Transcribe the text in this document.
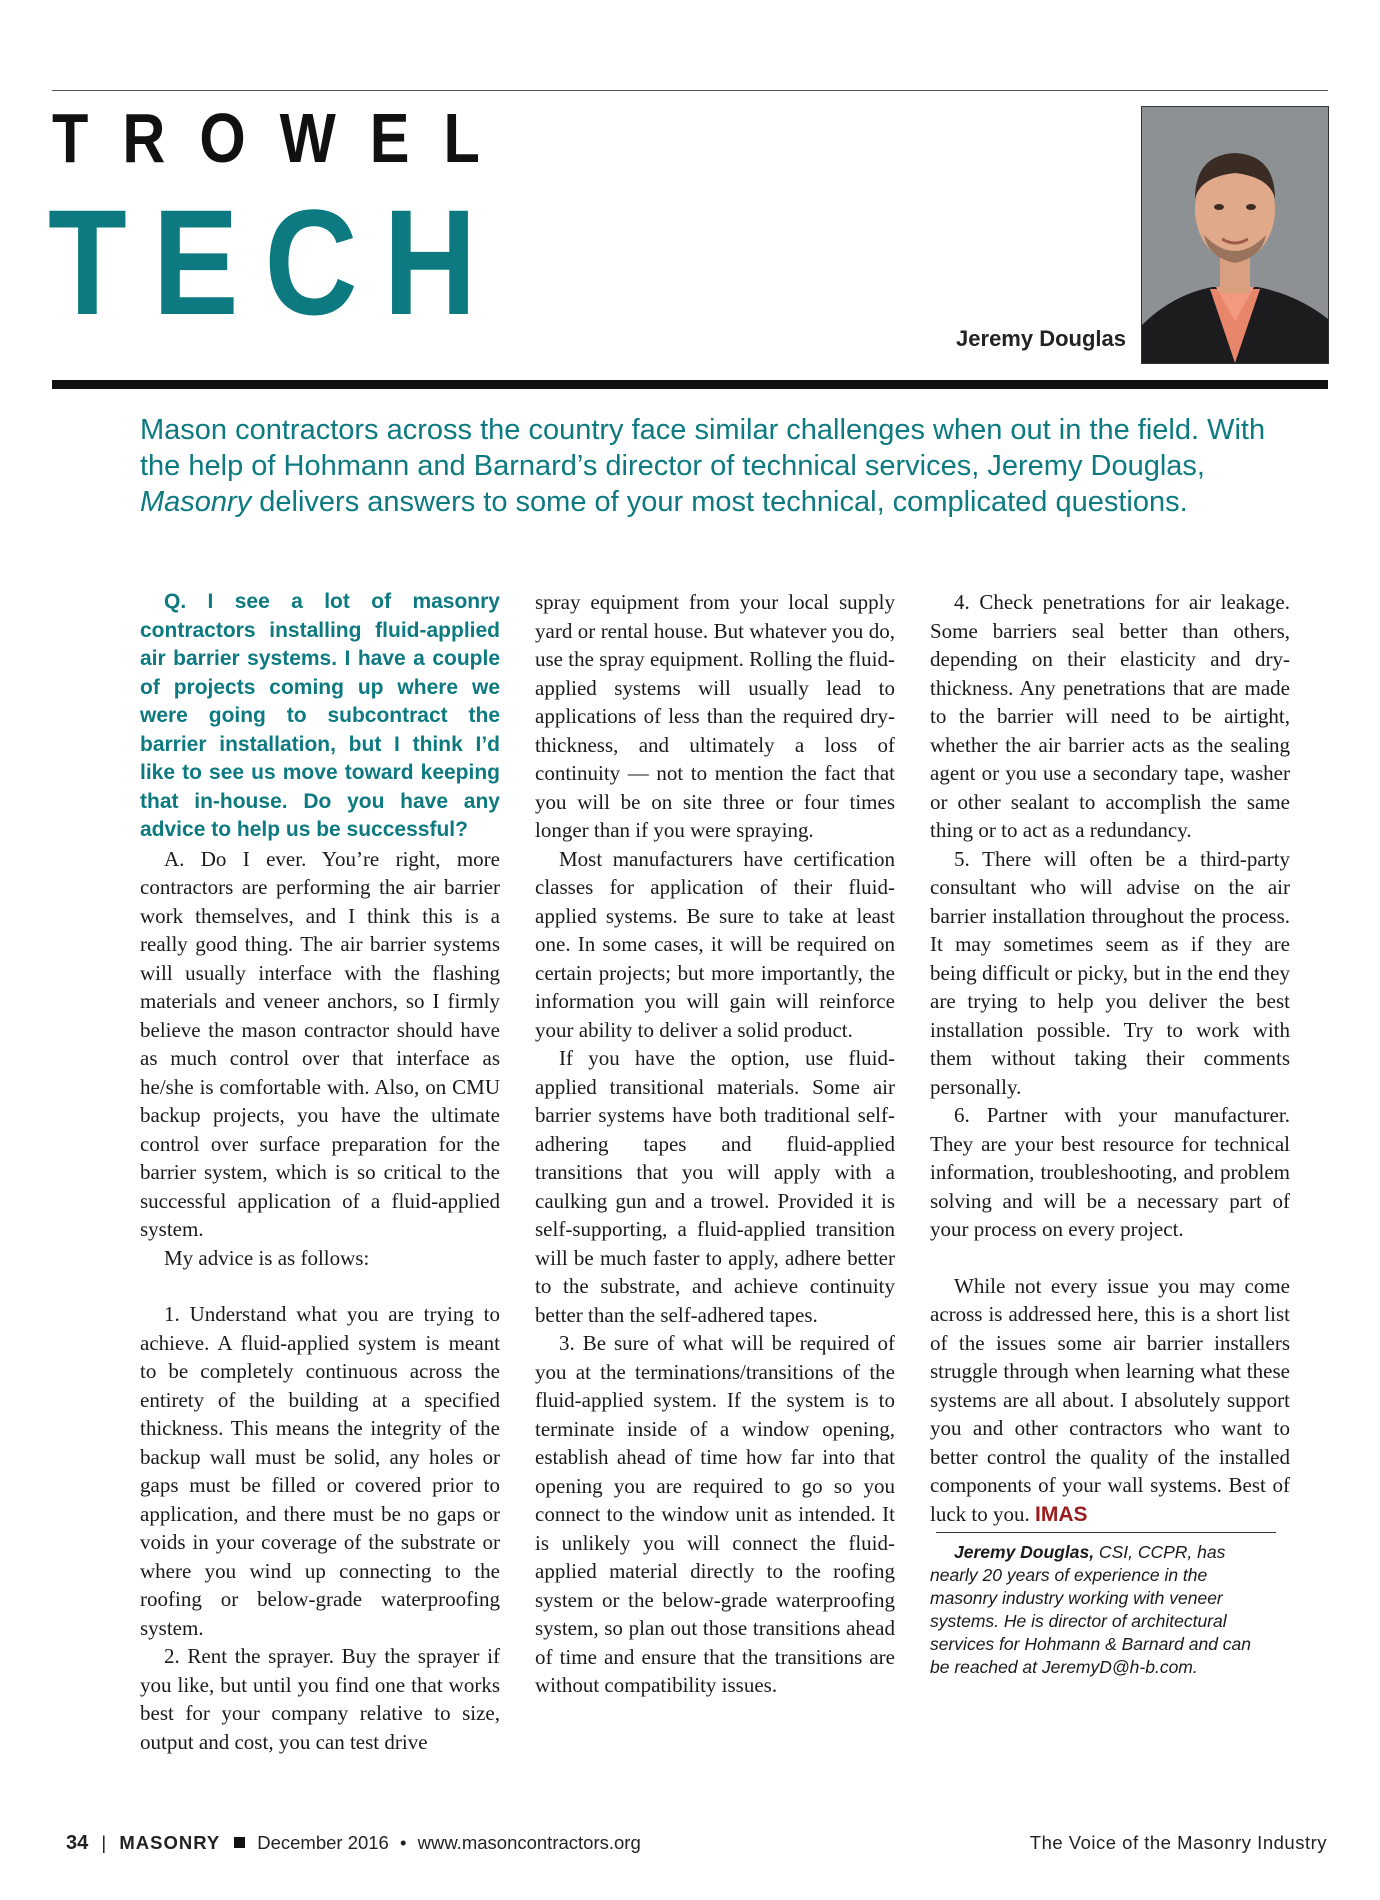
TROWEL
TECH	Jeremy Douglas

Mason contractors across the country face similar challenges when out in the field. With the help of Hohmann and Barnard’s director of technical services, Jeremy Douglas, Masonry delivers answers to some of your most technical, complicated questions.

Q. I see a lot of masonry contractors installing fluid-applied air barrier systems. I have a couple of projects coming up where we were going to subcontract the barrier installation, but I think I’d like to see us move toward keeping that in-house. Do you have any advice to help us be successful?

A. Do I ever. You’re right, more contractors are performing the air barrier work themselves, and I think this is a really good thing. The air barrier systems will usually interface with the flashing materials and veneer anchors, so I firmly believe the mason contractor should have as much control over that interface as he/she is comfortable with. Also, on CMU backup projects, you have the ultimate control over surface preparation for the barrier system, which is so critical to the successful application of a fluid-applied system.

My advice is as follows:

1. Understand what you are trying to achieve. A fluid-applied system is meant to be completely continuous across the entirety of the building at a specified thickness. This means the integrity of the backup wall must be solid, any holes or gaps must be filled or covered prior to application, and there must be no gaps or voids in your coverage of the substrate or where you wind up connecting to the roofing or below-grade waterproofing system.

2. Rent the sprayer. Buy the sprayer if you like, but until you find one that works best for your company relative to size, output and cost, you can test drive

spray equipment from your local supply yard or rental house. But whatever you do, use the spray equipment. Rolling the fluid-applied systems will usually lead to applications of less than the required dry-thickness, and ultimately a loss of continuity — not to mention the fact that you will be on site three or four times longer than if you were spraying.

Most manufacturers have certification classes for application of their fluid-applied systems. Be sure to take at least one. In some cases, it will be required on certain projects; but more importantly, the information you will gain will reinforce your ability to deliver a solid product.

If you have the option, use fluid-applied transitional materials. Some air barrier systems have both traditional self-adhering tapes and fluid-applied transitions that you will apply with a caulking gun and a trowel. Provided it is self-supporting, a fluid-applied transition will be much faster to apply, adhere better to the substrate, and achieve continuity better than the self-adhered tapes.

3. Be sure of what will be required of you at the terminations/transitions of the fluid-applied system. If the system is to terminate inside of a window opening, establish ahead of time how far into that opening you are required to go so you connect to the window unit as intended. It is unlikely you will connect the fluid-applied material directly to the roofing system or the below-grade waterproofing system, so plan out those transitions ahead of time and ensure that the transitions are without compatibility issues.

4. Check penetrations for air leakage. Some barriers seal better than others, depending on their elasticity and dry-thickness. Any penetrations that are made to the barrier will need to be airtight, whether the air barrier acts as the sealing agent or you use a secondary tape, washer or other sealant to accomplish the same thing or to act as a redundancy.

5. There will often be a third-party consultant who will advise on the air barrier installation throughout the process. It may sometimes seem as if they are being difficult or picky, but in the end they are trying to help you deliver the best installation possible. Try to work with them without taking their comments personally.

6. Partner with your manufacturer. They are your best resource for technical information, troubleshooting, and problem solving and will be a necessary part of your process on every project.

While not every issue you may come across is addressed here, this is a short list of the issues some air barrier installers struggle through when learning what these systems are all about. I absolutely support you and other contractors who want to better control the quality of the installed components of your wall systems. Best of luck to you. IMAS

Jeremy Douglas, CSI, CCPR, has nearly 20 years of experience in the masonry industry working with veneer systems. He is director of architectural services for Hohmann & Barnard and can be reached at JeremyD@h-b.com.

34 | MASONRY December 2016 • www.masoncontractors.org	The Voice of the Masonry Industry
